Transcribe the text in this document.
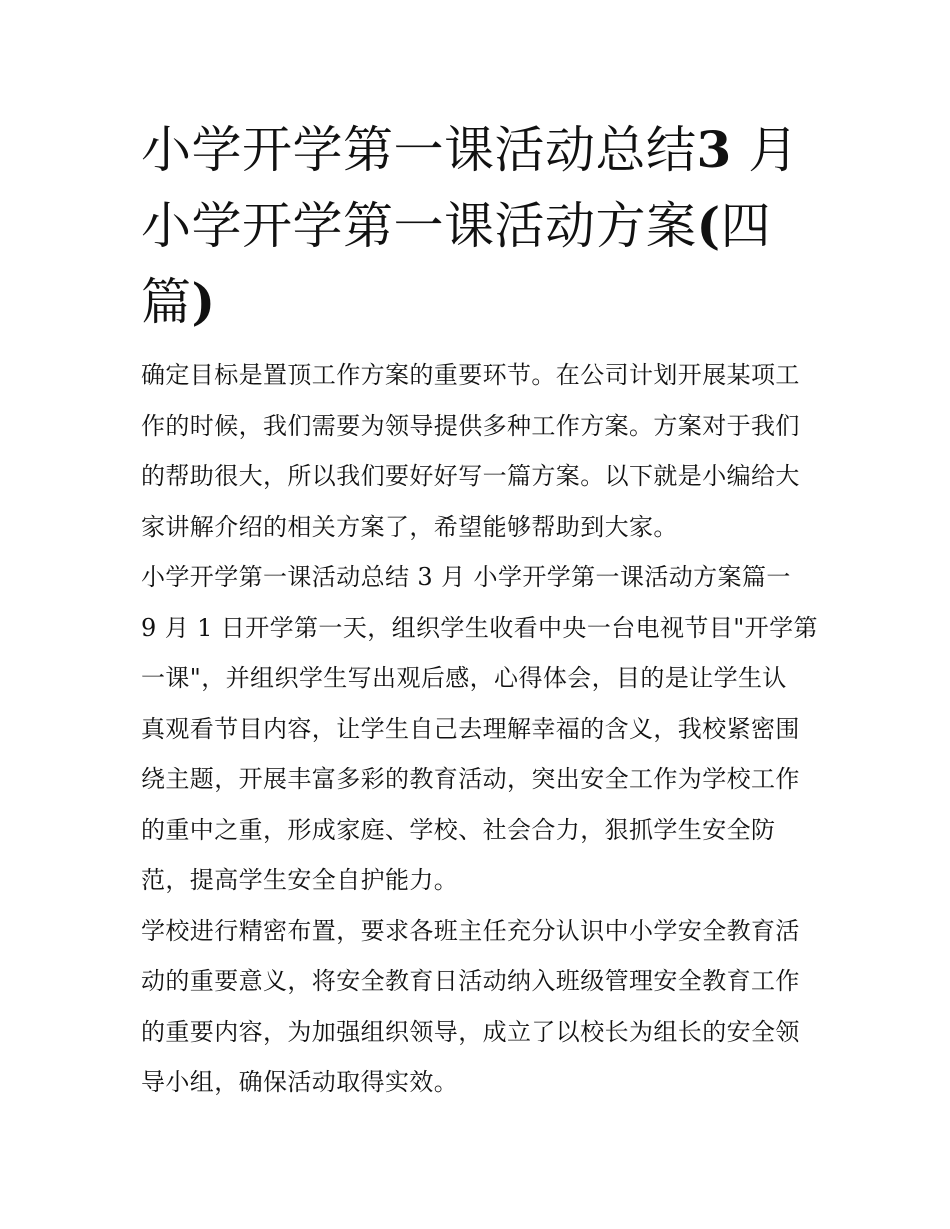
小学开学第一课活动总结3 月
小学开学第一课活动方案(四
篇)
确定目标是置顶工作方案的重要环节。在公司计划开展某项工
作的时候，我们需要为领导提供多种工作方案。方案对于我们
的帮助很大，所以我们要好好写一篇方案。以下就是小编给大
家讲解介绍的相关方案了，希望能够帮助到大家。
小学开学第一课活动总结 3 月 小学开学第一课活动方案篇一
9 月 1 日开学第一天，组织学生收看中央一台电视节目"开学第
一课"，并组织学生写出观后感，心得体会，目的是让学生认
真观看节目内容，让学生自己去理解幸福的含义，我校紧密围
绕主题，开展丰富多彩的教育活动，突出安全工作为学校工作
的重中之重，形成家庭、学校、社会合力，狠抓学生安全防
范，提高学生安全自护能力。
学校进行精密布置，要求各班主任充分认识中小学安全教育活
动的重要意义，将安全教育日活动纳入班级管理安全教育工作
的重要内容，为加强组织领导，成立了以校长为组长的安全领
导小组，确保活动取得实效。
